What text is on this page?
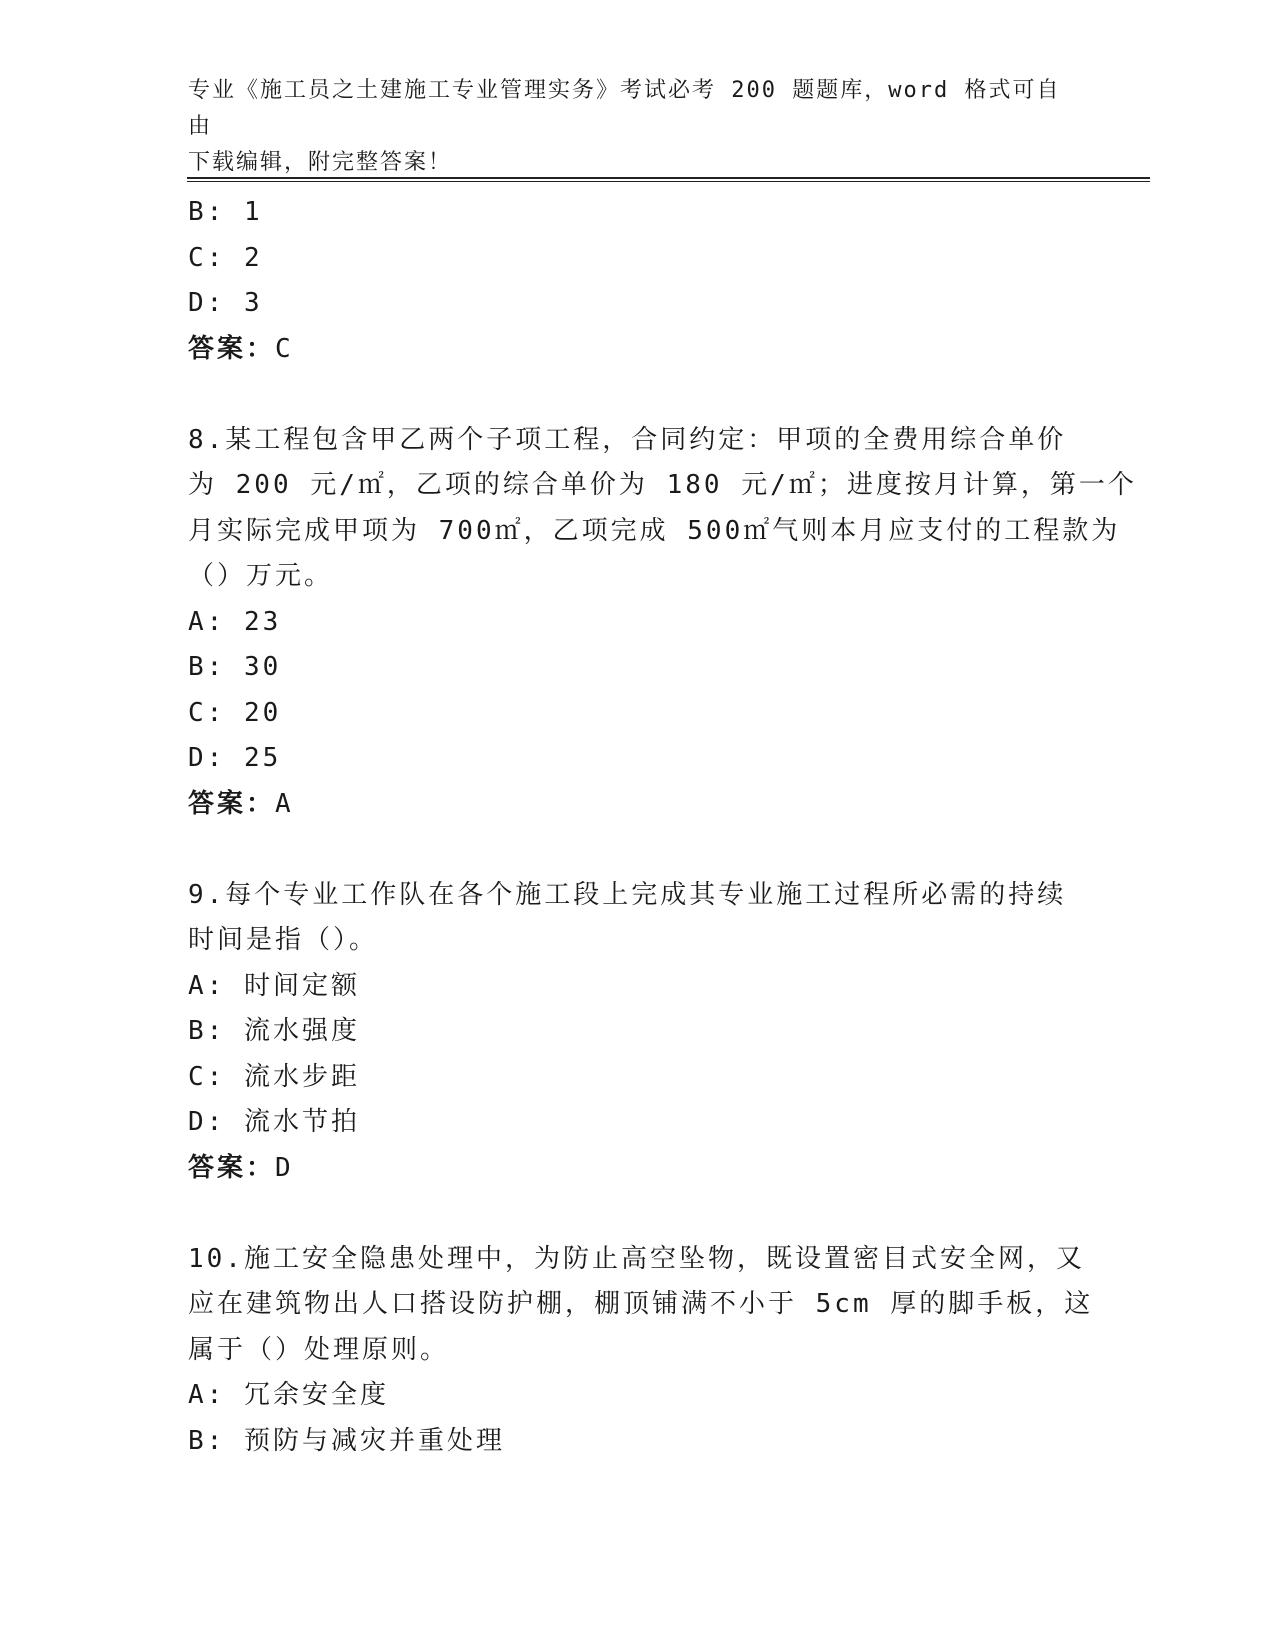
专业《施工员之土建施工专业管理实务》考试必考 200 题题库，word 格式可自由
下载编辑，附完整答案！
B: 1
C: 2
D: 3
答案：C
8.某工程包含甲乙两个子项工程，合同约定：甲项的全费用综合单价
为 200 元/㎡，乙项的综合单价为 180 元/㎡；进度按月计算，第一个
月实际完成甲项为 700㎡，乙项完成 500㎡气则本月应支付的工程款为
（）万元。
A: 23
B: 30
C: 20
D: 25
答案：A
9.每个专业工作队在各个施工段上完成其专业施工过程所必需的持续
时间是指（）。
A: 时间定额
B: 流水强度
C: 流水步距
D: 流水节拍
答案：D
10.施工安全隐患处理中，为防止高空坠物，既设置密目式安全网，又
应在建筑物出人口搭设防护棚，棚顶铺满不小于 5cm 厚的脚手板，这
属于（）处理原则。
A: 冗余安全度
B: 预防与减灾并重处理
